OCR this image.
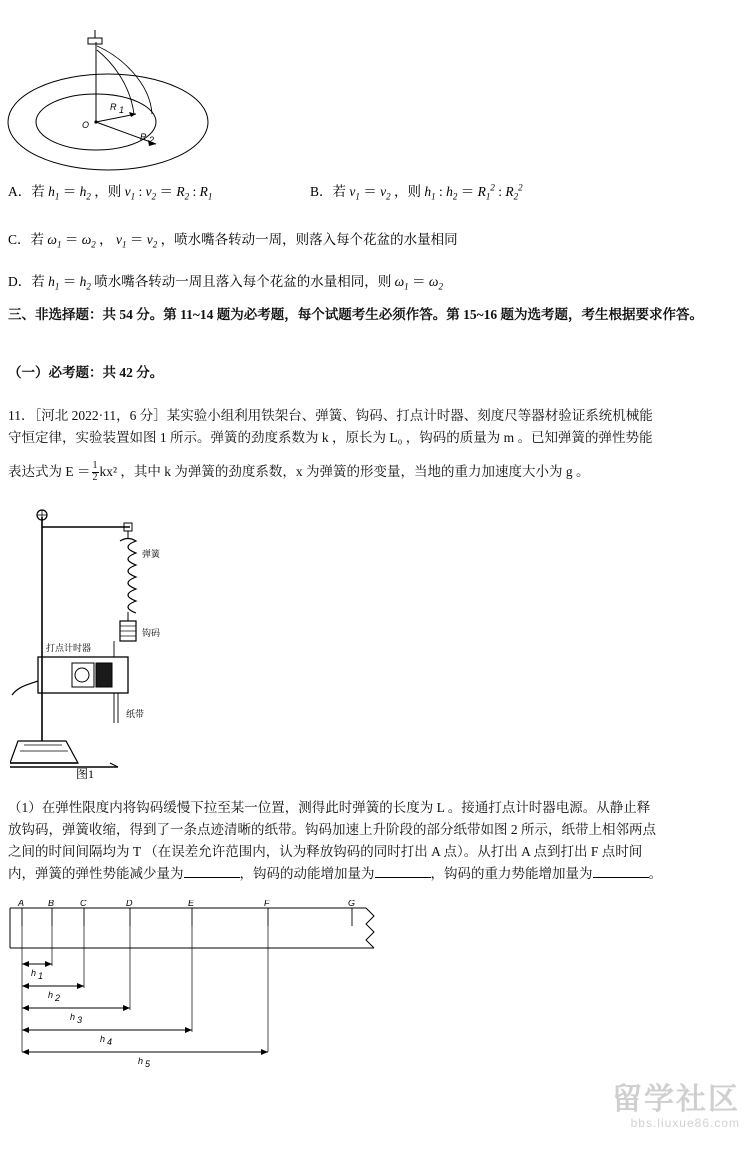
O
R 1
R 2
A．若 $h_1 = h_2$ ，则 $v_1$ : $v_2 = R_2$ : $R_1$	B．若 $v_1 = v_2$ ，则 $h_1$ : $h_2 = R_1^2$ : $R_2^2$
C．若 $\omega_1 = \omega_2$ ， $v_1 = v_2$ ，喷水嘴各转动一周，则落入每个花盆的水量相同
D．若 $h_1 = h_2$ 喷水嘴各转动一周且落入每个花盆的水量相同，则 $\omega_1 = \omega_2$
三、非选择题：共 54 分。第 11~14 题为必考题，每个试题考生必须作答。第 15~16 题为选考题，考生根据要求作答。
（一）必考题：共 42 分。
11．［河北 2022·11，6 分］某实验小组利用铁架台、弹簧、钩码、打点计时器、刻度尺等器材验证系统机械能
守恒定律，实验装置如图 1 所示。弹簧的劲度系数为 k ，原长为 L₀ ，钩码的质量为 m 。已知弹簧的弹性势能
表达式为 $E = \frac{1}{2} kx^2$ ，其中 k 为弹簧的劲度系数，x 为弹簧的形变量，当地的重力加速度大小为 g 。
弹簧
钩码
打点计时器
纸带
图1
（1）在弹性限度内将钩码缓慢下拉至某一位置，测得此时弹簧的长度为 L 。接通打点计时器电源。从静止释
放钩码，弹簧收缩，得到了一条点迹清晰的纸带。钩码加速上升阶段的部分纸带如图 2 所示，纸带上相邻两点
之间的时间间隔均为 T （在误差允许范围内，认为释放钩码的同时打出 A 点）。从打出 A 点到打出 F 点时间
内，弹簧的弹性势能减少量为	，钩码的动能增加量为	，钩码的重力势能增加量为	。
A	B	C	D	E	F	G
h 1
h 2
h 3
h 4
h 5
留学社区
bbs.liuxue86.com
